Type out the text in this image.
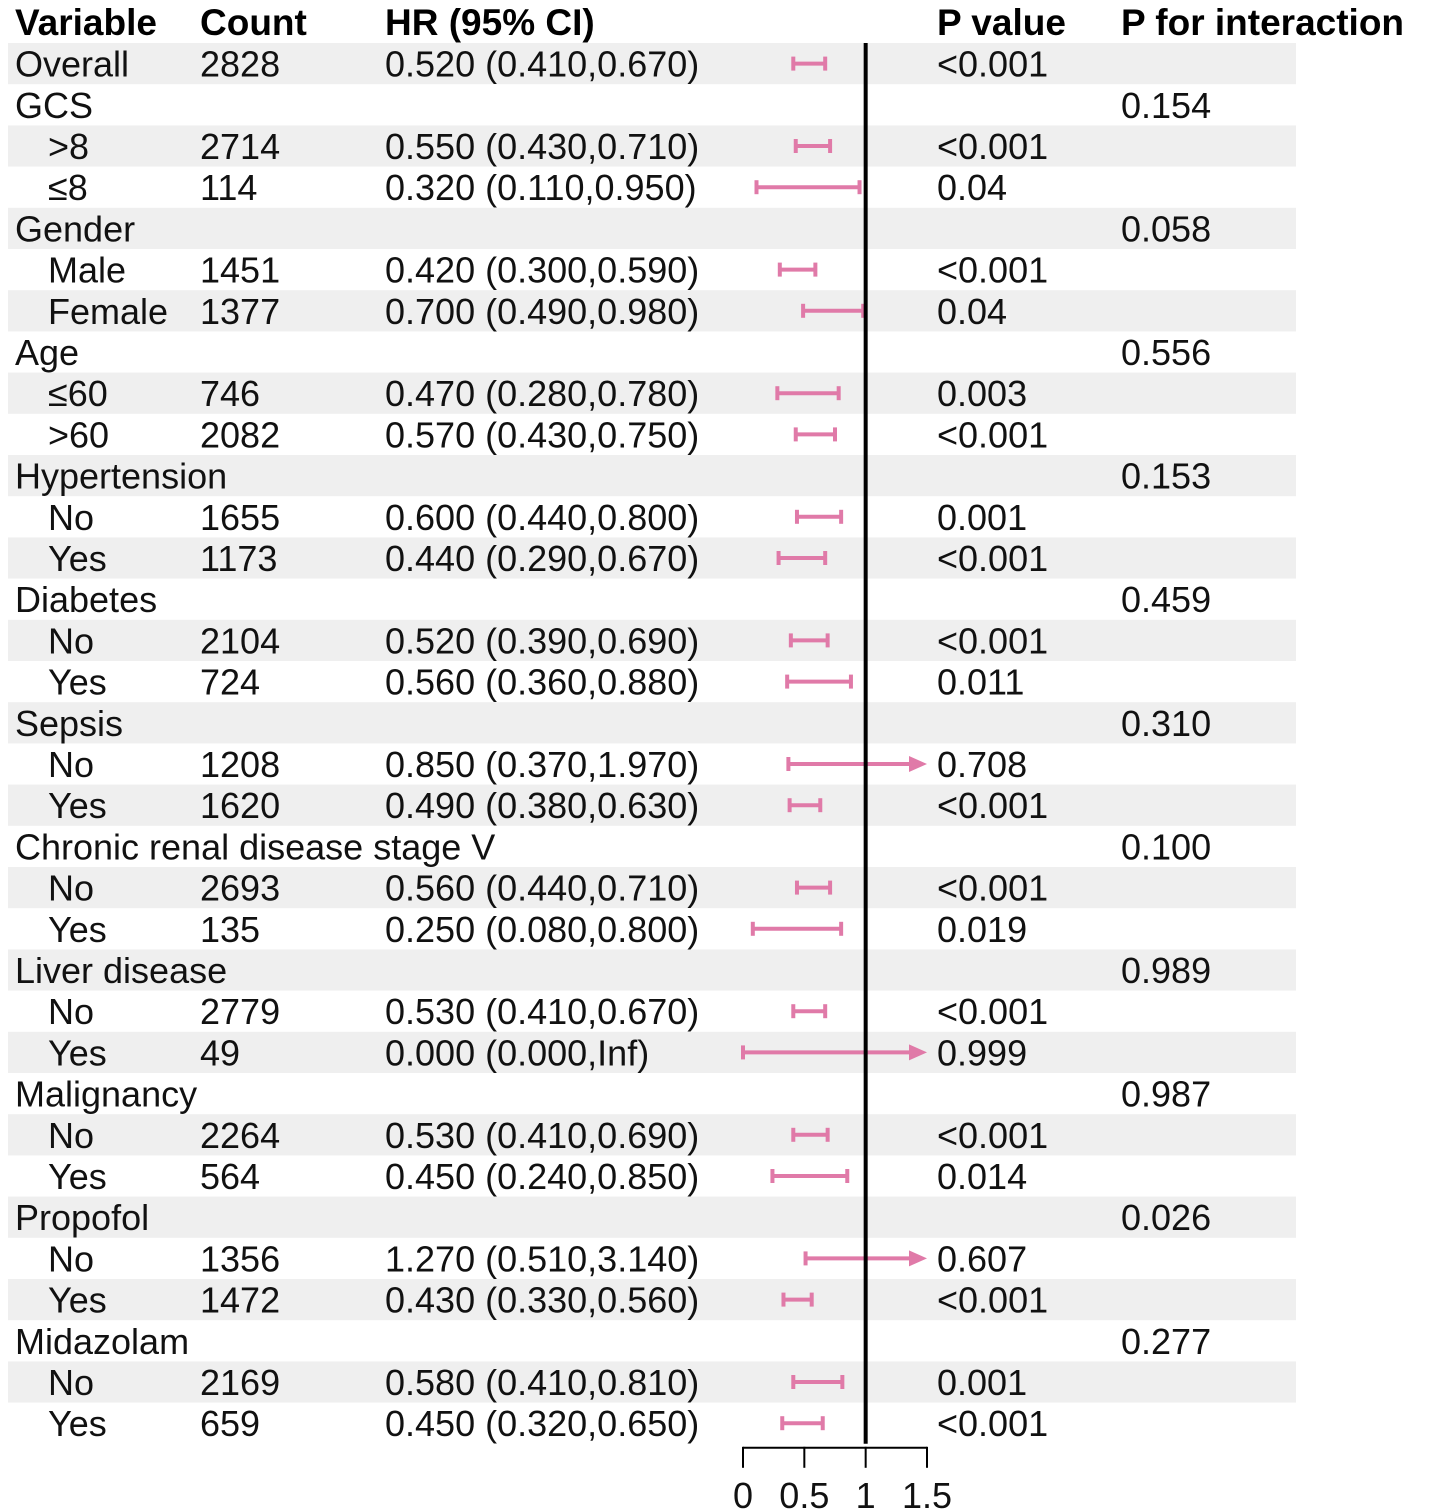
Variable Count HR (95% CI)	P value P for interaction
Overall 2828	0.520 (0.410,0.670)	<0.001
GCS	0.154
>8	2714	0.550 (0.430,0.710)	<0.001
≤8	114	0.320 (0.110,0.950)	0.04
Gender	0.058
Male 1451	0.420 (0.300,0.590)	<0.001
Female 1377	0.700 (0.490,0.980)	0.04
Age	0.556
≤60	746	0.470 (0.280,0.780)	0.003
>60	2082	0.570 (0.430,0.750)	<0.001
Hypertension	0.153
No	1655	0.600 (0.440,0.800)	0.001
Yes	1173	0.440 (0.290,0.670)	<0.001
Diabetes	0.459
No	2104	0.520 (0.390,0.690)	<0.001
Yes	724	0.560 (0.360,0.880)	0.011
Sepsis	0.310
No	1208	0.850 (0.370,1.970)	0.708
Yes	1620	0.490 (0.380,0.630)	<0.001
Chronic renal disease stage V	0.100
No	2693	0.560 (0.440,0.710)	<0.001
Yes	135	0.250 (0.080,0.800)	0.019
Liver disease	0.989
No	2779	0.530 (0.410,0.670)	<0.001
Yes	49	0.000 (0.000,Inf)	0.999
Malignancy	0.987
No	2264	0.530 (0.410,0.690)	<0.001
Yes	564	0.450 (0.240,0.850)	0.014
Propofol	0.026
No	1356	1.270 (0.510,3.140)	0.607
Yes	1472	0.430 (0.330,0.560)	<0.001
Midazolam	0.277
No	2169	0.580 (0.410,0.810)	0.001
Yes	659	0.450 (0.320,0.650)	<0.001
0 0.5 1 1.5
